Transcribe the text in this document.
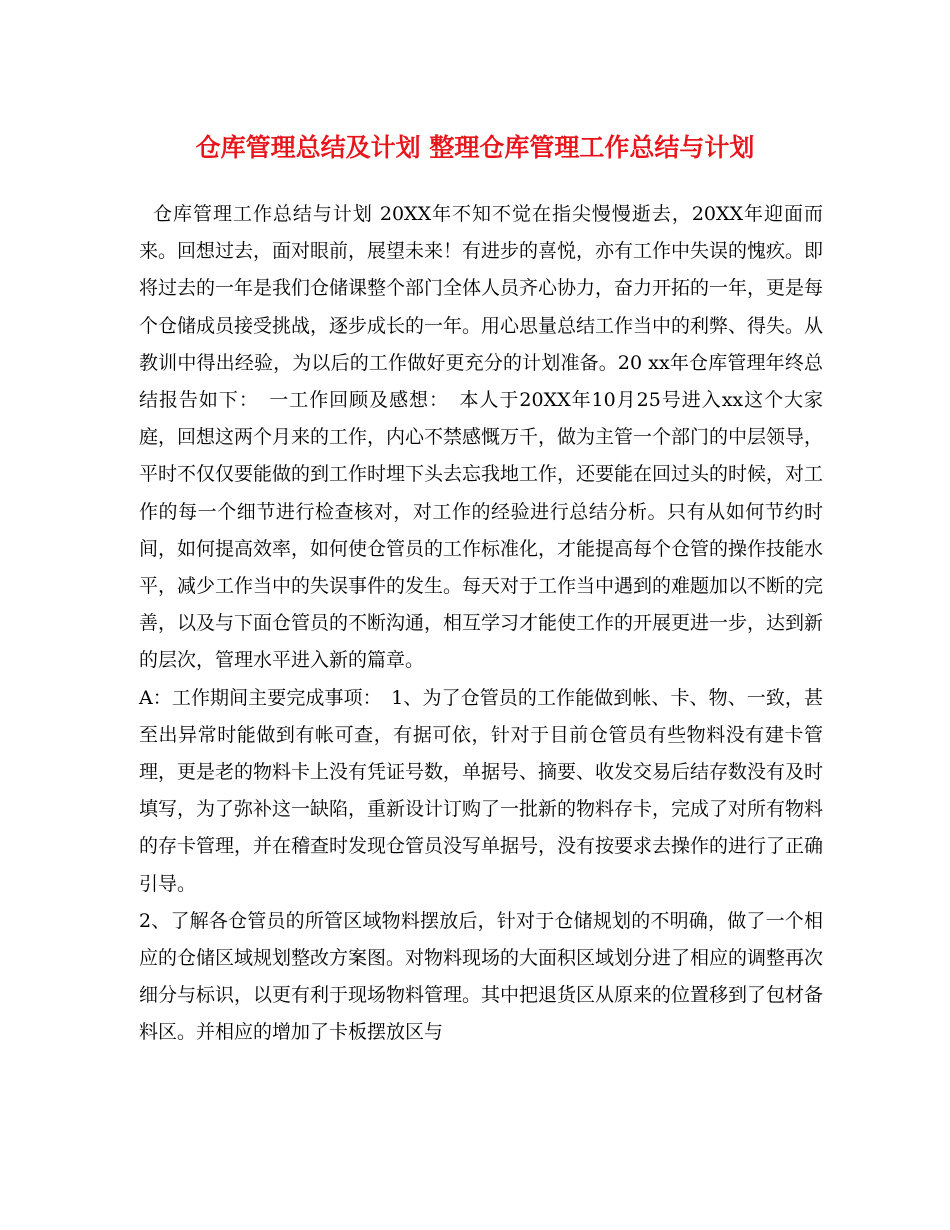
仓库管理总结及计划 整理仓库管理工作总结与计划

仓库管理工作总结与计划 20XX年不知不觉在指尖慢慢逝去，20XX年迎面而来。回想过去，面对眼前，展望未来！有进步的喜悦，亦有工作中失误的愧疚。即将过去的一年是我们仓储课整个部门全体人员齐心协力，奋力开拓的一年，更是每个仓储成员接受挑战，逐步成长的一年。用心思量总结工作当中的利弊、得失。从教训中得出经验，为以后的工作做好更充分的计划准备。20 xx年仓库管理年终总结报告如下：　一工作回顾及感想：　本人于20XX年10月25号进入xx这个大家庭，回想这两个月来的工作，内心不禁感慨万千，做为主管一个部门的中层领导，平时不仅仅要能做的到工作时埋下头去忘我地工作，还要能在回过头的时候，对工作的每一个细节进行检查核对，对工作的经验进行总结分析。只有从如何节约时间，如何提高效率，如何使仓管员的工作标准化，才能提高每个仓管的操作技能水平，减少工作当中的失误事件的发生。每天对于工作当中遇到的难题加以不断的完善，以及与下面仓管员的不断沟通，相互学习才能使工作的开展更进一步，达到新的层次，管理水平进入新的篇章。

A：工作期间主要完成事项：　1、为了仓管员的工作能做到帐、卡、物、一致，甚至出异常时能做到有帐可查，有据可依，针对于目前仓管员有些物料没有建卡管理，更是老的物料卡上没有凭证号数，单据号、摘要、收发交易后结存数没有及时填写，为了弥补这一缺陷，重新设计订购了一批新的物料存卡，完成了对所有物料的存卡管理，并在稽查时发现仓管员没写单据号，没有按要求去操作的进行了正确引导。

2、了解各仓管员的所管区域物料摆放后，针对于仓储规划的不明确，做了一个相应的仓储区域规划整改方案图。对物料现场的大面积区域划分进了相应的调整再次细分与标识，以更有利于现场物料管理。其中把退货区从原来的位置移到了包材备料区。并相应的增加了卡板摆放区与
